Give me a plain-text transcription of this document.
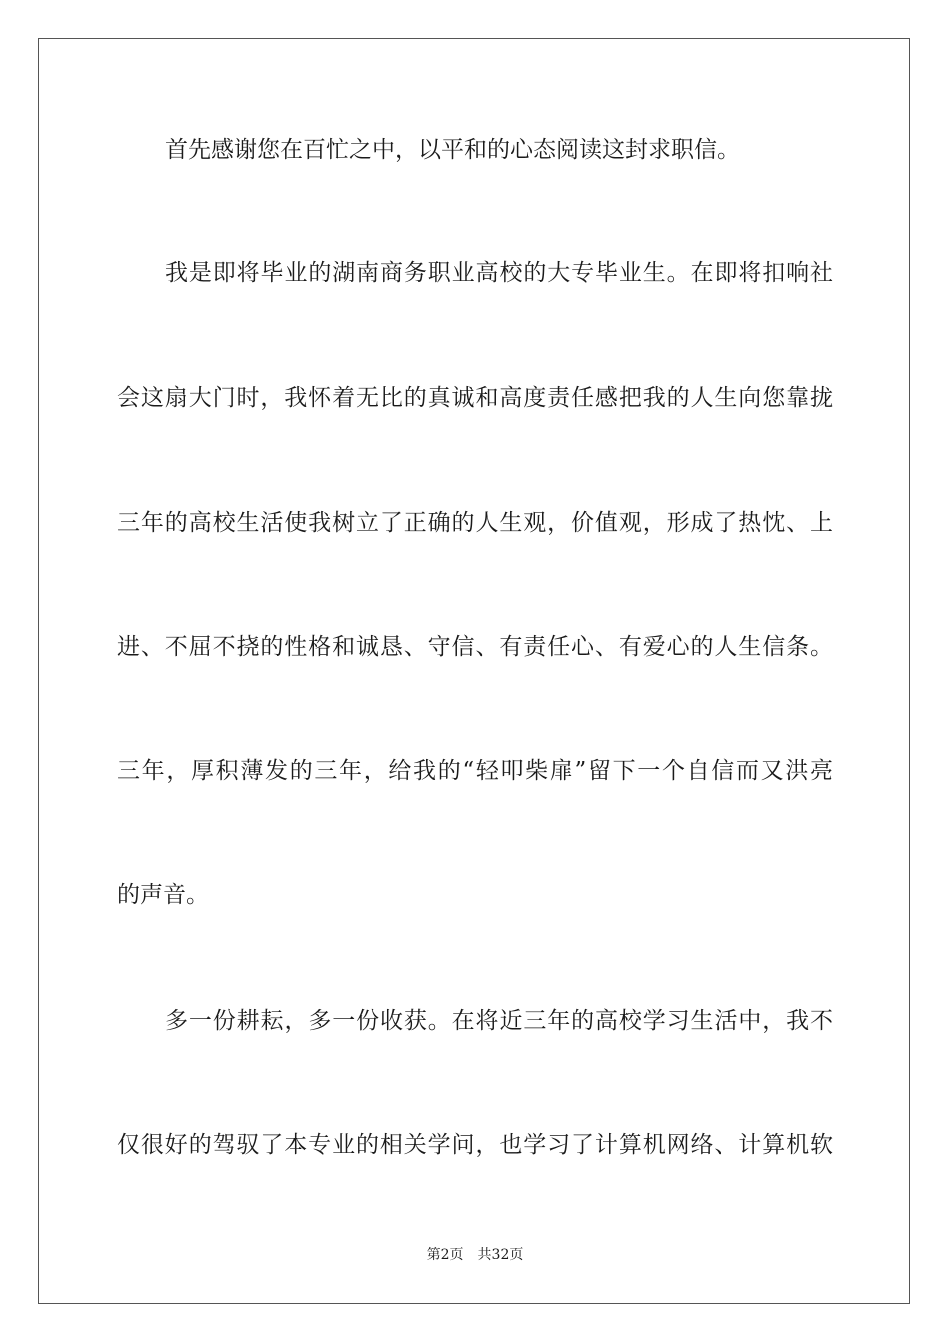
首先感谢您在百忙之中，以平和的心态阅读这封求职信。
我是即将毕业的湖南商务职业高校的大专毕业生。在即将扣响社
会这扇大门时，我怀着无比的真诚和高度责任感把我的人生向您靠拢
三年的高校生活使我树立了正确的人生观，价值观，形成了热忱、上
进、不屈不挠的性格和诚恳、守信、有责任心、有爱心的人生信条。
三年，厚积薄发的三年，给我的“轻叩柴扉”留下一个自信而又洪亮
的声音。
多一份耕耘，多一份收获。在将近三年的高校学习生活中，我不
仅很好的驾驭了本专业的相关学问，也学习了计算机网络、计算机软
第2页 共32页
